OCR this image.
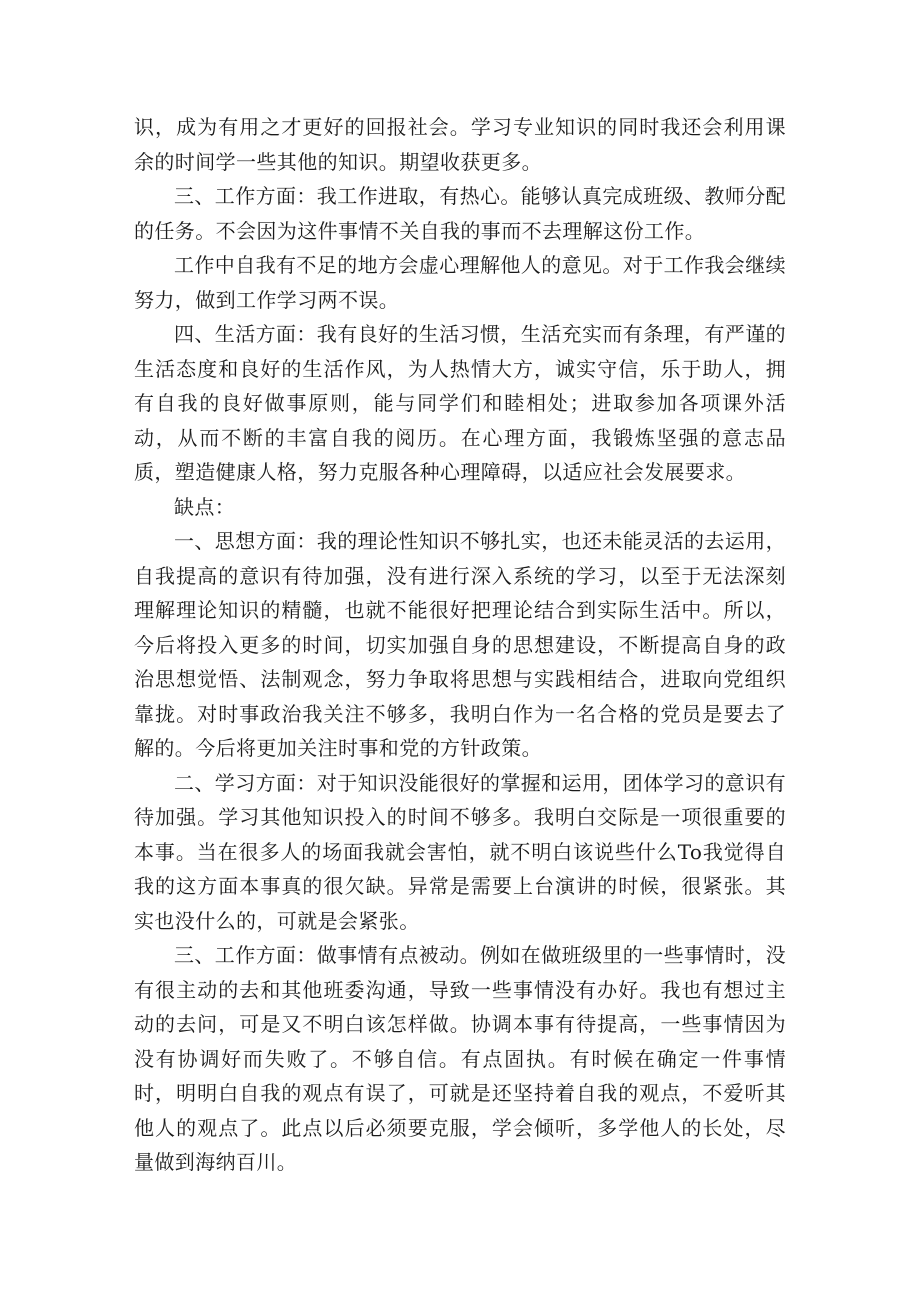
识，成为有用之才更好的回报社会。学习专业知识的同时我还会利用课余的时间学一些其他的知识。期望收获更多。

三、工作方面：我工作进取，有热心。能够认真完成班级、教师分配的任务。不会因为这件事情不关自我的事而不去理解这份工作。

工作中自我有不足的地方会虚心理解他人的意见。对于工作我会继续努力，做到工作学习两不误。

四、生活方面：我有良好的生活习惯，生活充实而有条理，有严谨的生活态度和良好的生活作风，为人热情大方，诚实守信，乐于助人，拥有自我的良好做事原则，能与同学们和睦相处；进取参加各项课外活动，从而不断的丰富自我的阅历。在心理方面，我锻炼坚强的意志品质，塑造健康人格，努力克服各种心理障碍，以适应社会发展要求。

缺点：

一、思想方面：我的理论性知识不够扎实，也还未能灵活的去运用，自我提高的意识有待加强，没有进行深入系统的学习，以至于无法深刻理解理论知识的精髓，也就不能很好把理论结合到实际生活中。所以，今后将投入更多的时间，切实加强自身的思想建设，不断提高自身的政治思想觉悟、法制观念，努力争取将思想与实践相结合，进取向党组织靠拢。对时事政治我关注不够多，我明白作为一名合格的党员是要去了解的。今后将更加关注时事和党的方针政策。

二、学习方面：对于知识没能很好的掌握和运用，团体学习的意识有待加强。学习其他知识投入的时间不够多。我明白交际是一项很重要的本事。当在很多人的场面我就会害怕，就不明白该说些什么To我觉得自我的这方面本事真的很欠缺。异常是需要上台演讲的时候，很紧张。其实也没什么的，可就是会紧张。

三、工作方面：做事情有点被动。例如在做班级里的一些事情时，没有很主动的去和其他班委沟通，导致一些事情没有办好。我也有想过主动的去问，可是又不明白该怎样做。协调本事有待提高，一些事情因为没有协调好而失败了。不够自信。有点固执。有时候在确定一件事情时，明明白自我的观点有误了，可就是还坚持着自我的观点，不爱听其他人的观点了。此点以后必须要克服，学会倾听，多学他人的长处，尽量做到海纳百川。
